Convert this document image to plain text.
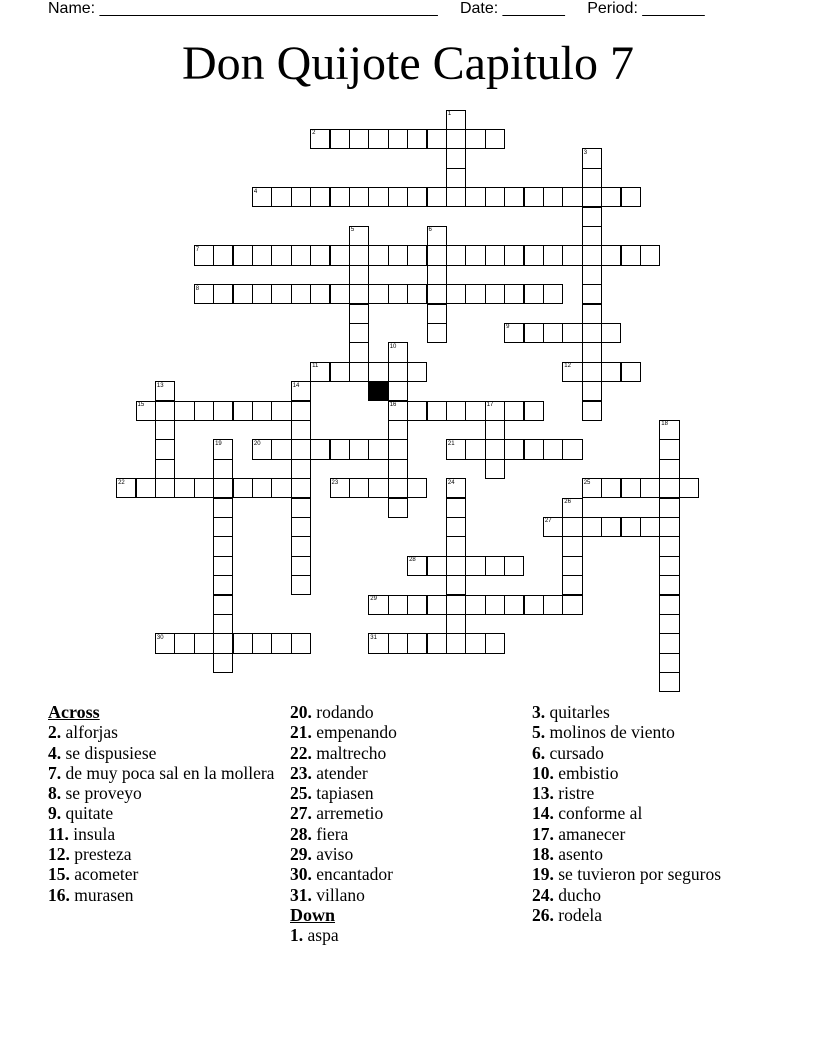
Name: ______________________________________ Date: _______ Period: _______
Don Quijote Capitulo 7
1
2
3
4
5	6
7
8
9
10
11	12
13	14
15	16	17
18
19	20	21
22	23	24	25
26
27
28
29
30	31
Across
2. alforjas
4. se dispusiese
7. de muy poca sal en la mollera
8. se proveyo
9. quitate
11. insula
12. presteza
15. acometer
16. murasen
20. rodando
21. empenando
22. maltrecho
23. atender
25. tapiasen
27. arremetio
28. fiera
29. aviso
30. encantador
31. villano
Down
1. aspa
3. quitarles
5. molinos de viento
6. cursado
10. embistio
13. ristre
14. conforme al
17. amanecer
18. asento
19. se tuvieron por seguros
24. ducho
26. rodela
